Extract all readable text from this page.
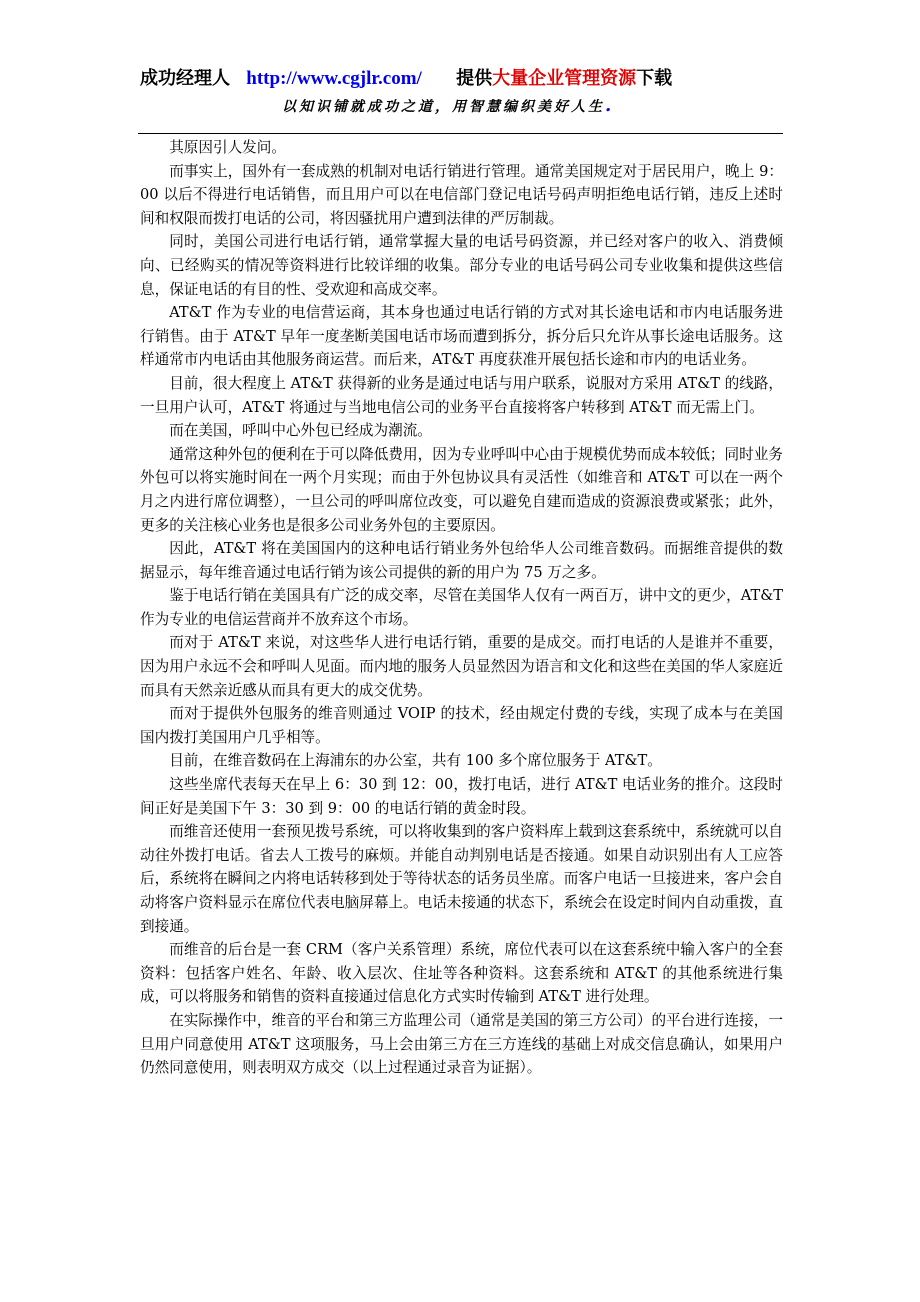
成功经理人 http://www.cgjlr.com/ 提供大量企业管理资源下载
以知识铺就成功之道，用智慧编织美好人生.

其原因引人发问。

而事实上，国外有一套成熟的机制对电话行销进行管理。通常美国规定对于居民用户，晚上 9：00 以后不得进行电话销售，而且用户可以在电信部门登记电话号码声明拒绝电话行销，违反上述时间和权限而拨打电话的公司，将因骚扰用户遭到法律的严厉制裁。

同时，美国公司进行电话行销，通常掌握大量的电话号码资源，并已经对客户的收入、消费倾向、已经购买的情况等资料进行比较详细的收集。部分专业的电话号码公司专业收集和提供这些信息，保证电话的有目的性、受欢迎和高成交率。

AT&T 作为专业的电信营运商，其本身也通过电话行销的方式对其长途电话和市内电话服务进行销售。由于 AT&T 早年一度垄断美国电话市场而遭到拆分，拆分后只允许从事长途电话服务。这样通常市内电话由其他服务商运营。而后来，AT&T 再度获准开展包括长途和市内的电话业务。

目前，很大程度上 AT&T 获得新的业务是通过电话与用户联系，说服对方采用 AT&T 的线路，一旦用户认可，AT&T 将通过与当地电信公司的业务平台直接将客户转移到 AT&T 而无需上门。

而在美国，呼叫中心外包已经成为潮流。

通常这种外包的便利在于可以降低费用，因为专业呼叫中心由于规模优势而成本较低；同时业务外包可以将实施时间在一两个月实现；而由于外包协议具有灵活性（如维音和 AT&T 可以在一两个月之内进行席位调整），一旦公司的呼叫席位改变，可以避免自建而造成的资源浪费或紧张；此外，更多的关注核心业务也是很多公司业务外包的主要原因。

因此，AT&T 将在美国国内的这种电话行销业务外包给华人公司维音数码。而据维音提供的数据显示，每年维音通过电话行销为该公司提供的新的用户为 75 万之多。

鉴于电话行销在美国具有广泛的成交率，尽管在美国华人仅有一两百万，讲中文的更少，AT&T 作为专业的电信运营商并不放弃这个市场。

而对于 AT&T 来说，对这些华人进行电话行销，重要的是成交。而打电话的人是谁并不重要，因为用户永远不会和呼叫人见面。而内地的服务人员显然因为语言和文化和这些在美国的华人家庭近而具有天然亲近感从而具有更大的成交优势。

而对于提供外包服务的维音则通过 VOIP 的技术，经由规定付费的专线，实现了成本与在美国国内拨打美国用户几乎相等。

目前，在维音数码在上海浦东的办公室，共有 100 多个席位服务于 AT&T。

这些坐席代表每天在早上 6：30 到 12：00，拨打电话，进行 AT&T 电话业务的推介。这段时间正好是美国下午 3：30 到 9：00 的电话行销的黄金时段。

而维音还使用一套预见拨号系统，可以将收集到的客户资料库上载到这套系统中，系统就可以自动往外拨打电话。省去人工拨号的麻烦。并能自动判别电话是否接通。如果自动识别出有人工应答后，系统将在瞬间之内将电话转移到处于等待状态的话务员坐席。而客户电话一旦接进来，客户会自动将客户资料显示在席位代表电脑屏幕上。电话未接通的状态下，系统会在设定时间内自动重拨，直到接通。

而维音的后台是一套 CRM（客户关系管理）系统，席位代表可以在这套系统中输入客户的全套资料：包括客户姓名、年龄、收入层次、住址等各种资料。这套系统和 AT&T 的其他系统进行集成，可以将服务和销售的资料直接通过信息化方式实时传输到 AT&T 进行处理。

在实际操作中，维音的平台和第三方监理公司（通常是美国的第三方公司）的平台进行连接，一旦用户同意使用 AT&T 这项服务，马上会由第三方在三方连线的基础上对成交信息确认，如果用户仍然同意使用，则表明双方成交（以上过程通过录音为证据）。
